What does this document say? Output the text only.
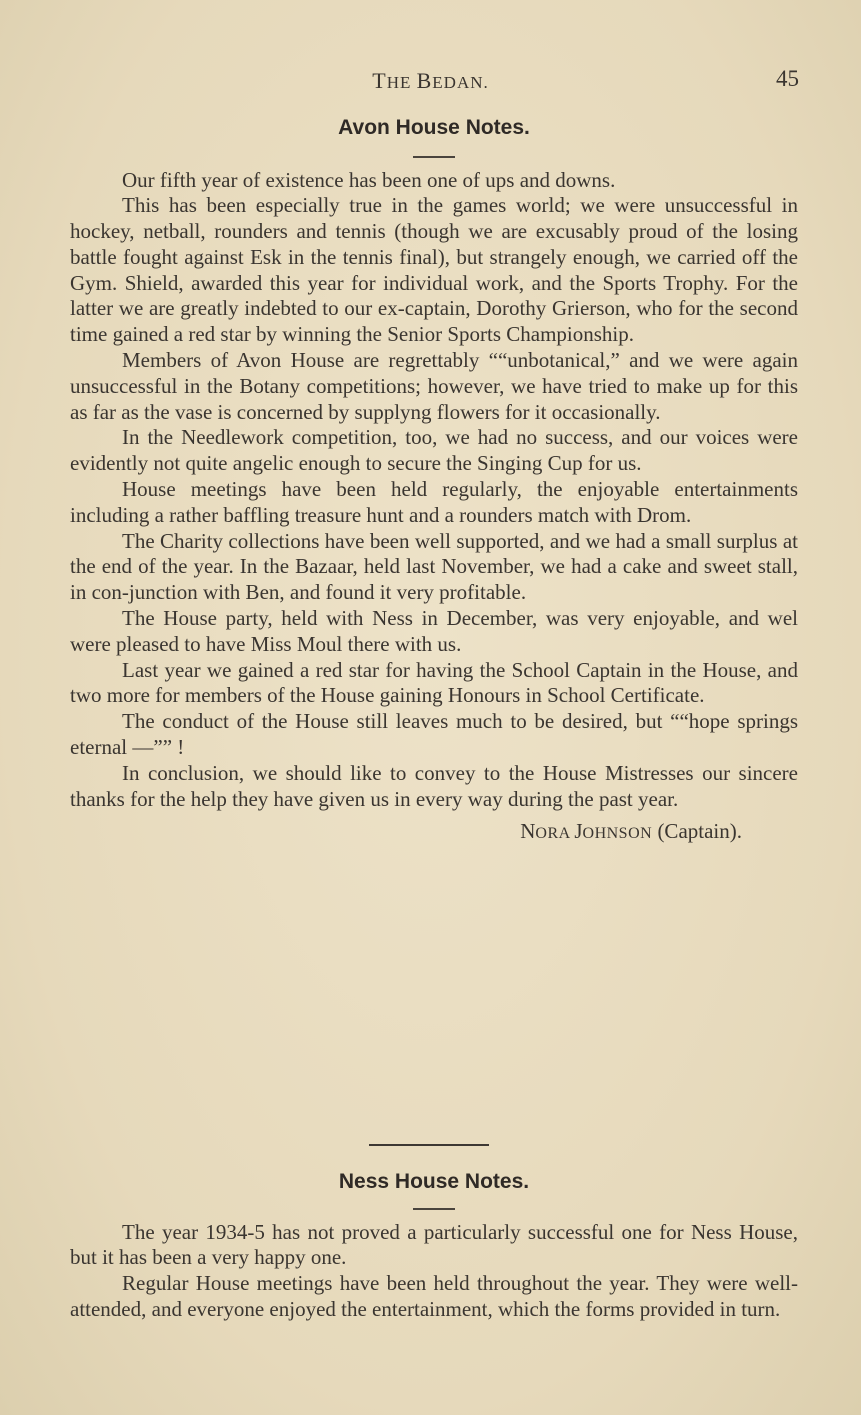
THE BEDAN.	45
Avon House Notes.

Our fifth year of existence has been one of ups and downs.

This has been especially true in the games world; we were unsuccessful in hockey, netball, rounders and tennis (though we are excusably proud of the losing battle fought against Esk in the tennis final), but strangely enough, we carried off the Gym. Shield, awarded this year for individual work, and the Sports Trophy. For the latter we are greatly indebted to our ex-captain, Dorothy Grierson, who for the second time gained a red star by winning the Senior Sports Championship.

Members of Avon House are regrettably ““unbotanical,” and we were again unsuccessful in the Botany competitions; however, we have tried to make up for this as far as the vase is concerned by supplyng flowers for it occasionally.

In the Needlework competition, too, we had no success, and our voices were evidently not quite angelic enough to secure the Singing Cup for us.

House meetings have been held regularly, the enjoyable entertainments including a rather baffling treasure hunt and a rounders match with Drom.

The Charity collections have been well supported, and we had a small surplus at the end of the year. In the Bazaar, held last November, we had a cake and sweet stall, in con-junction with Ben, and found it very profitable.

The House party, held with Ness in December, was very enjoyable, and wel were pleased to have Miss Moul there with us.

Last year we gained a red star for having the School Captain in the House, and two more for members of the House gaining Honours in School Certificate.

The conduct of the House still leaves much to be desired, but ““hope springs eternal —”” !

In conclusion, we should like to convey to the House Mistresses our sincere thanks for the help they have given us in every way during the past year.

NORA JOHNSON (Captain).
Ness House Notes.

The year 1934-5 has not proved a particularly successful one for Ness House, but it has been a very happy one.

Regular House meetings have been held throughout the year. They were well-attended, and everyone enjoyed the entertainment, which the forms provided in turn.
